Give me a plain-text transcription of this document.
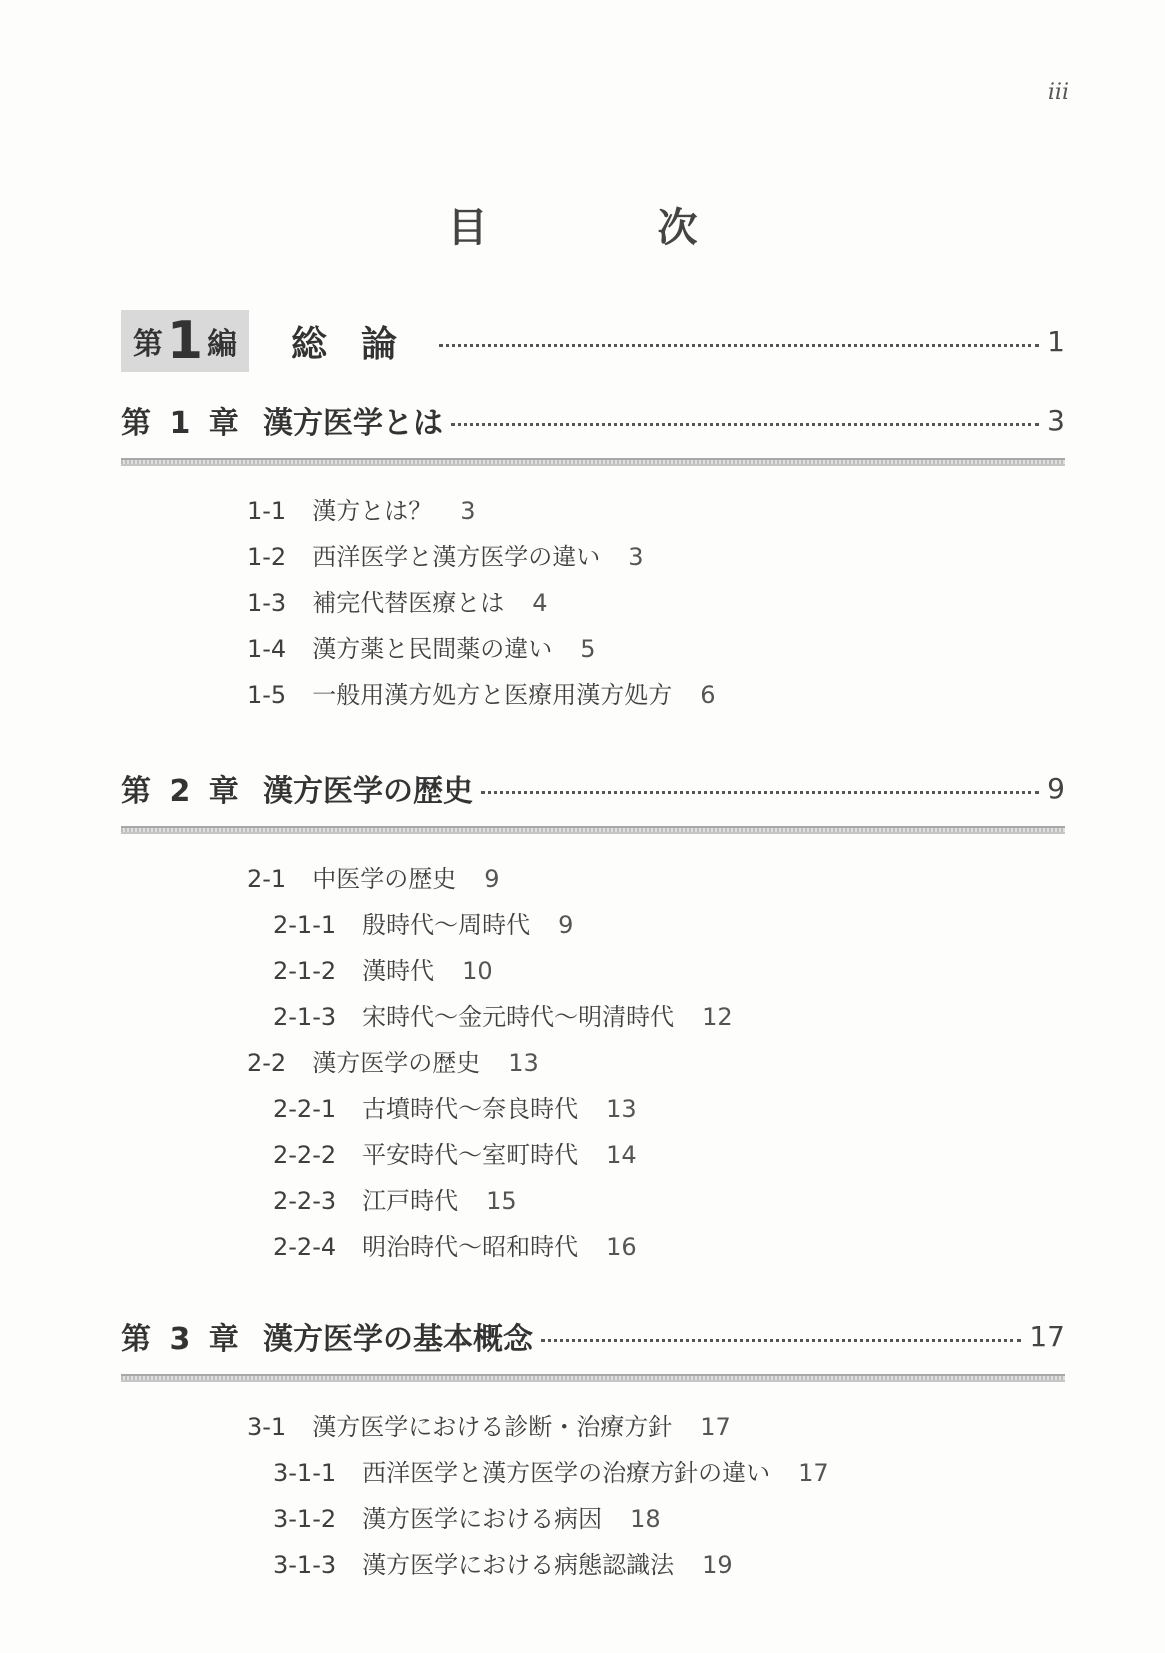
iii
目次
第 1 編 総論	1
第 1 章 漢方医学とは	3
1-1 漢方とは？ 3
1-2 西洋医学と漢方医学の違い 3
1-3 補完代替医療とは 4
1-4 漢方薬と民間薬の違い 5
1-5 一般用漢方処方と医療用漢方処方 6
第 2 章 漢方医学の歴史	9
2-1 中医学の歴史 9
2-1-1 殷時代～周時代 9
2-1-2 漢時代 10
2-1-3 宋時代～金元時代～明清時代 12
2-2 漢方医学の歴史 13
2-2-1 古墳時代～奈良時代 13
2-2-2 平安時代～室町時代 14
2-2-3 江戸時代 15
2-2-4 明治時代～昭和時代 16
第 3 章 漢方医学の基本概念	17
3-1 漢方医学における診断・治療方針 17
3-1-1 西洋医学と漢方医学の治療方針の違い 17
3-1-2 漢方医学における病因 18
3-1-3 漢方医学における病態認識法 19
